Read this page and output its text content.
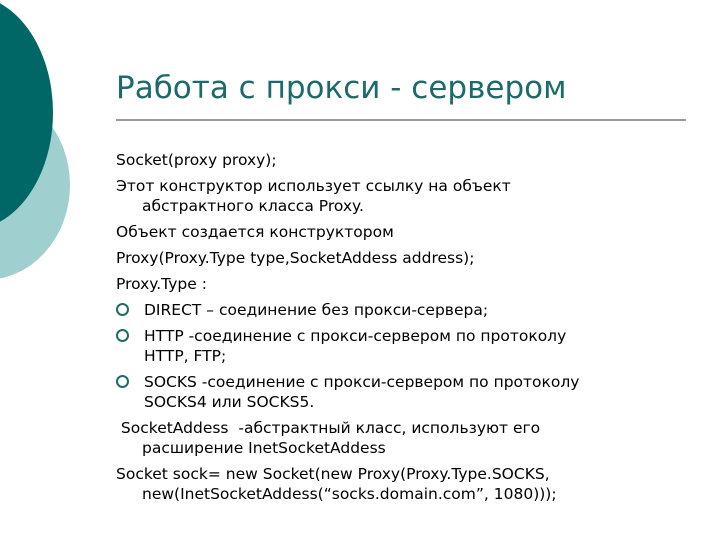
Работа с прокси - сервером
Socket(proxy proxy);
Этот конструктор использует ссылку на объект
абстрактного класса Proxy.
Объект создается конструктором
Proxy(Proxy.Type type,SocketAddess address);
Proxy.Type :
DIRECT – соединение без прокси-сервера;
HTTP -соединение с прокси-сервером по протоколу
HTTP, FTP;
SOCKS -соединение с прокси-сервером по протоколу
SOCKS4 или SOCKS5.
SocketAddess  -абстрактный класс, используют его
расширение InetSocketAddess
Socket sock= new Socket(new Proxy(Proxy.Type.SOCKS,
new(InetSocketAddess(“socks.domain.com”, 1080)));
